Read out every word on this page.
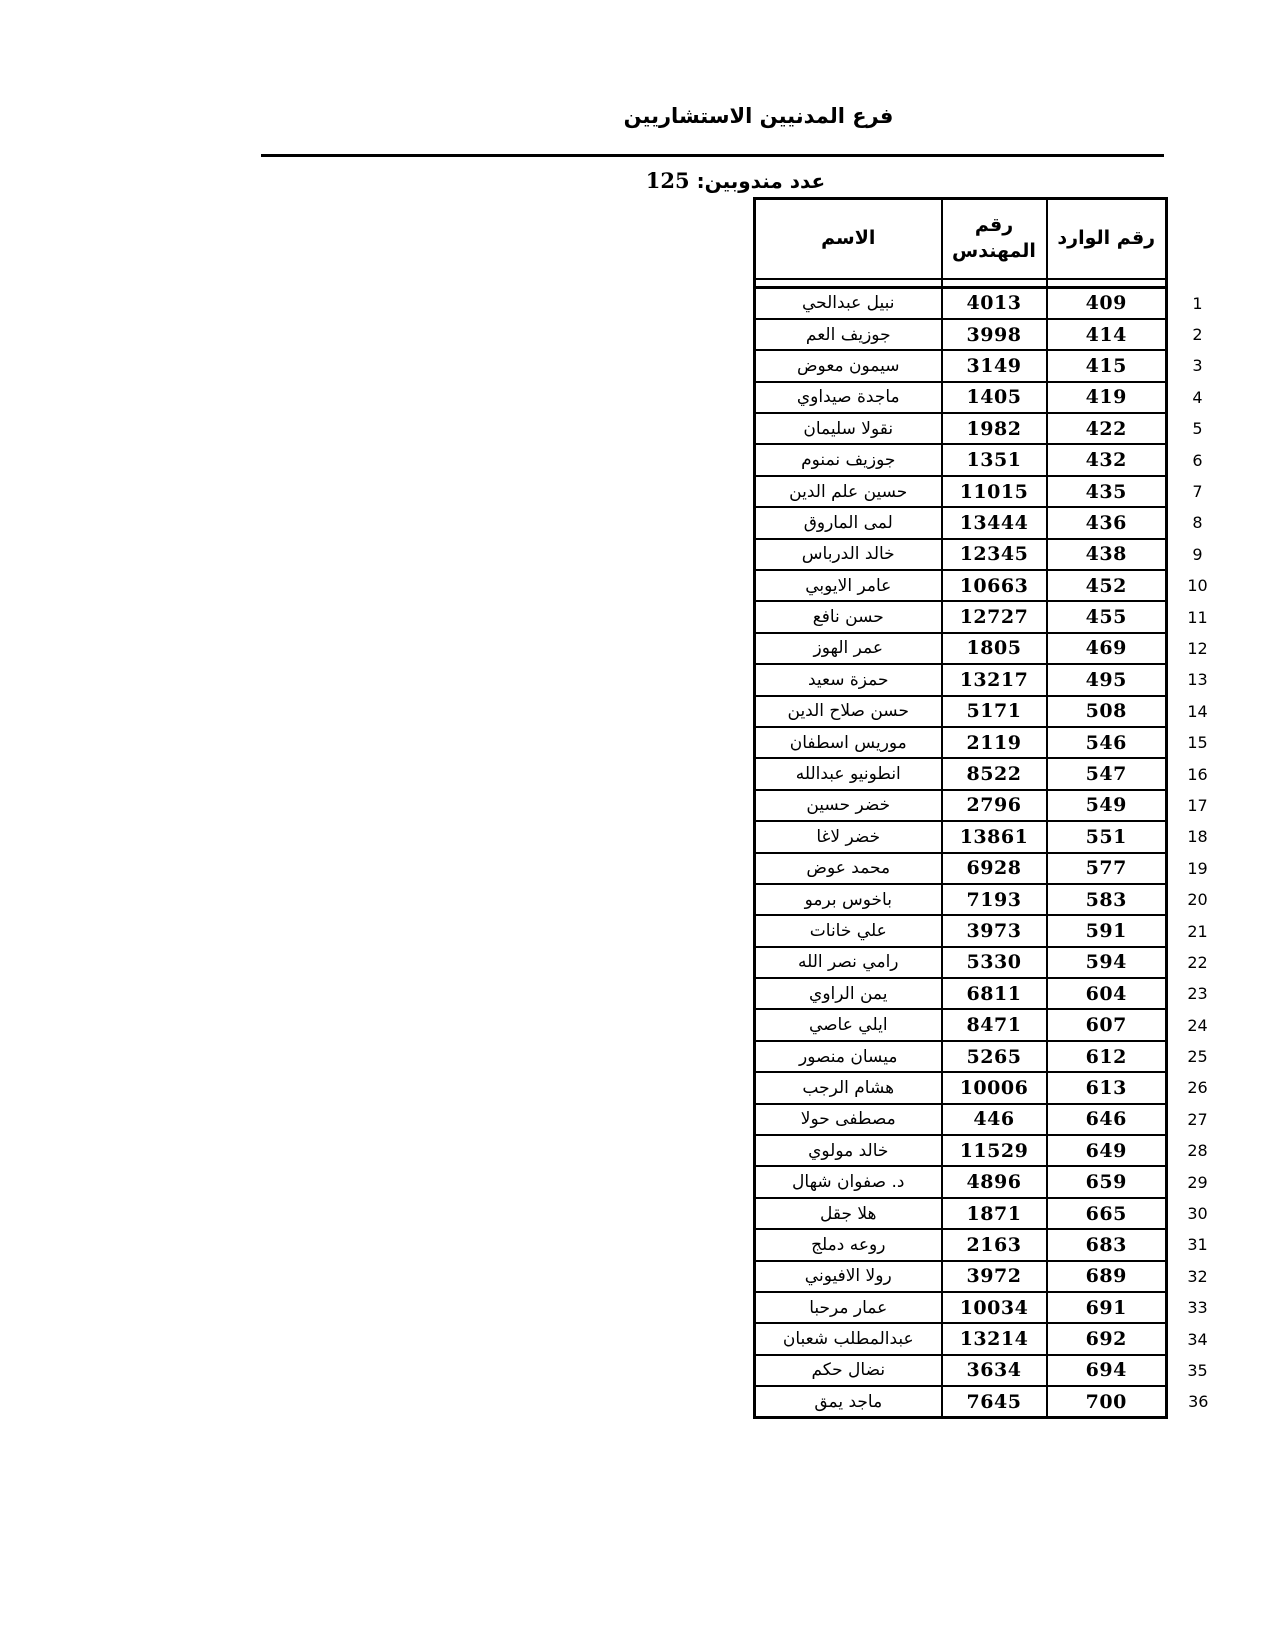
فرع المدنيين الاستشاريين
عدد مندوبين: 125
الاسم	رقم المهندس	رقم الوارد	

نبيل عبدالحي	4013	409	1
جوزيف العم	3998	414	2
سيمون معوض	3149	415	3
ماجدة صيداوي	1405	419	4
نقولا سليمان	1982	422	5
جوزيف نمنوم	1351	432	6
حسين علم الدين	11015	435	7
لمى الماروق	13444	436	8
خالد الدرباس	12345	438	9
عامر الايوبي	10663	452	10
حسن نافع	12727	455	11
عمر الهوز	1805	469	12
حمزة سعيد	13217	495	13
حسن صلاح الدين	5171	508	14
موريس اسطفان	2119	546	15
انطونيو عبدالله	8522	547	16
خضر حسين	2796	549	17
خضر لاغا	13861	551	18
محمد عوض	6928	577	19
باخوس برمو	7193	583	20
علي خانات	3973	591	21
رامي نصر الله	5330	594	22
يمن الراوي	6811	604	23
ايلي عاصي	8471	607	24
ميسان منصور	5265	612	25
هشام الرجب	10006	613	26
مصطفى حولا	446	646	27
خالد مولوي	11529	649	28
د. صفوان شهال	4896	659	29
هلا جقل	1871	665	30
روعه دملج	2163	683	31
رولا الافيوني	3972	689	32
عمار مرحبا	10034	691	33
عبدالمطلب شعبان	13214	692	34
نضال حكم	3634	694	35
ماجد يمق	7645	700	36
